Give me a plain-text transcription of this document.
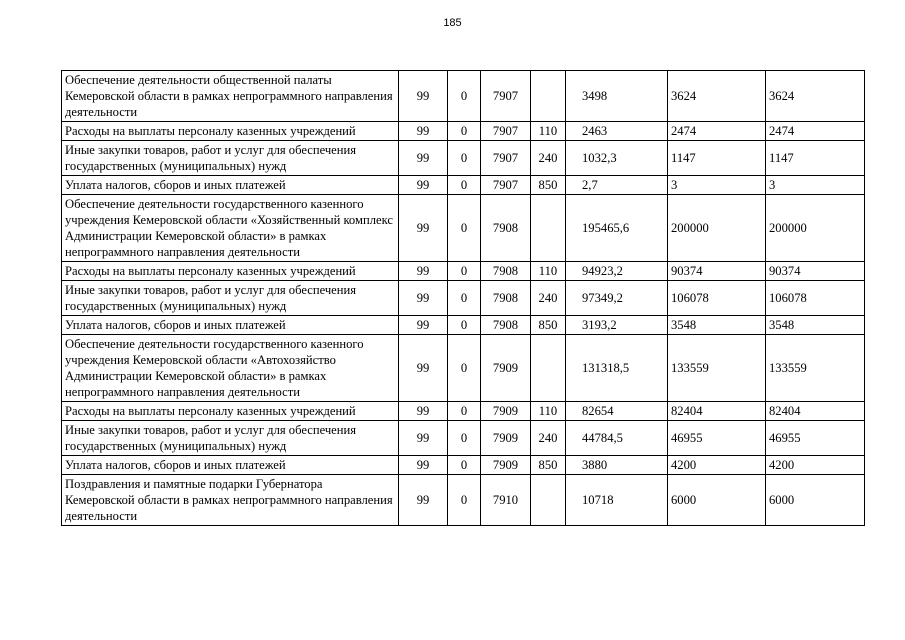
185
Обеспечение деятельности общественной палаты Кемеровской области в рамках непрограммного направления деятельности	99	0	7907		3498	3624	3624
Расходы на выплаты персоналу казенных учреждений	99	0	7907	110	2463	2474	2474
Иные закупки товаров, работ и услуг для обеспечения государственных (муниципальных) нужд	99	0	7907	240	1032,3	1147	1147
Уплата налогов, сборов и иных платежей	99	0	7907	850	2,7	3	3
Обеспечение деятельности государственного казенного учреждения Кемеровской области «Хозяйственный комплекс Администрации Кемеровской области» в рамках непрограммного направления деятельности	99	0	7908		195465,6	200000	200000
Расходы на выплаты персоналу казенных учреждений	99	0	7908	110	94923,2	90374	90374
Иные закупки товаров, работ и услуг для обеспечения государственных (муниципальных) нужд	99	0	7908	240	97349,2	106078	106078
Уплата налогов, сборов и иных платежей	99	0	7908	850	3193,2	3548	3548
Обеспечение деятельности государственного казенного учреждения Кемеровской области «Автохозяйство Администрации Кемеровской области» в рамках непрограммного направления деятельности	99	0	7909		131318,5	133559	133559
Расходы на выплаты персоналу казенных учреждений	99	0	7909	110	82654	82404	82404
Иные закупки товаров, работ и услуг для обеспечения государственных (муниципальных) нужд	99	0	7909	240	44784,5	46955	46955
Уплата налогов, сборов и иных платежей	99	0	7909	850	3880	4200	4200
Поздравления и памятные подарки Губернатора Кемеровской области в рамках непрограммного направления деятельности	99	0	7910		10718	6000	6000
